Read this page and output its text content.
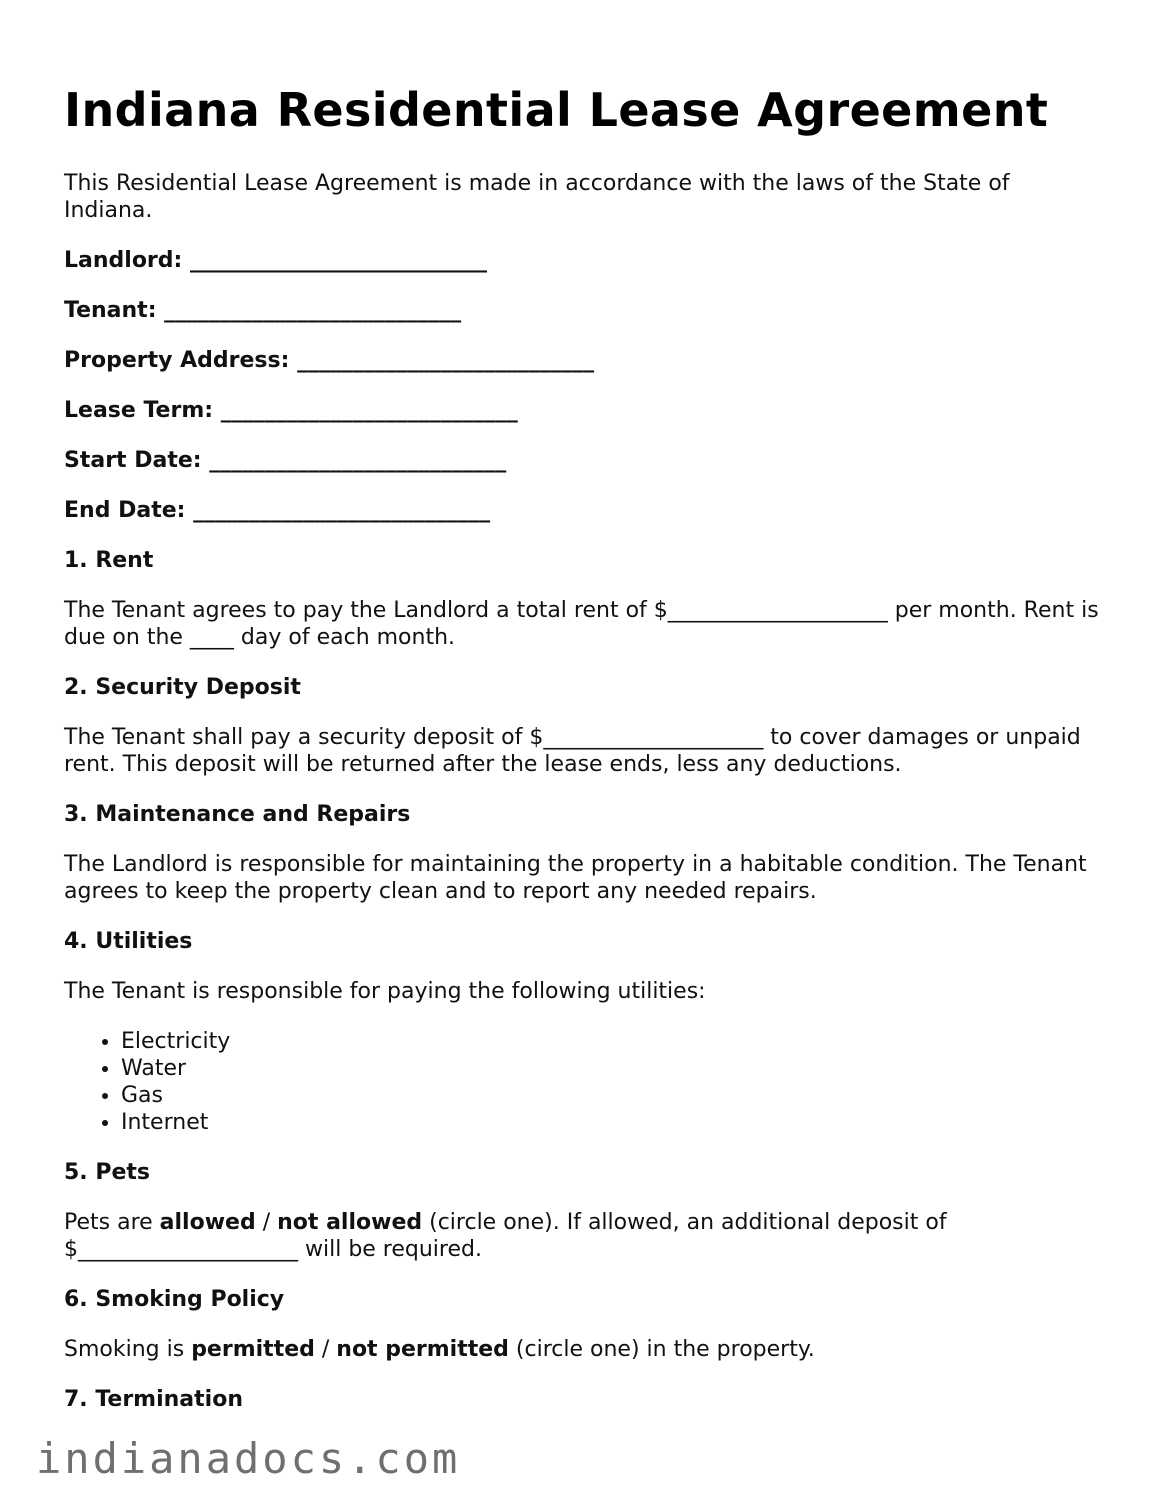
Indiana Residential Lease Agreement

This Residential Lease Agreement is made in accordance with the laws of the State of Indiana.

Landlord: ___________________________
Tenant: ___________________________
Property Address: ___________________________
Lease Term: ___________________________
Start Date: ___________________________
End Date: ___________________________
1. Rent

The Tenant agrees to pay the Landlord a total rent of $____________________ per month. Rent is due on the ____ day of each month.

2. Security Deposit

The Tenant shall pay a security deposit of $____________________ to cover damages or unpaid rent. This deposit will be returned after the lease ends, less any deductions.

3. Maintenance and Repairs

The Landlord is responsible for maintaining the property in a habitable condition. The Tenant agrees to keep the property clean and to report any needed repairs.

4. Utilities

The Tenant is responsible for paying the following utilities:

• Electricity
• Water
• Gas
• Internet
5. Pets

Pets are allowed / not allowed (circle one). If allowed, an additional deposit of $____________________ will be required.

6. Smoking Policy

Smoking is permitted / not permitted (circle one) in the property.

7. Termination
indianadocs.com
